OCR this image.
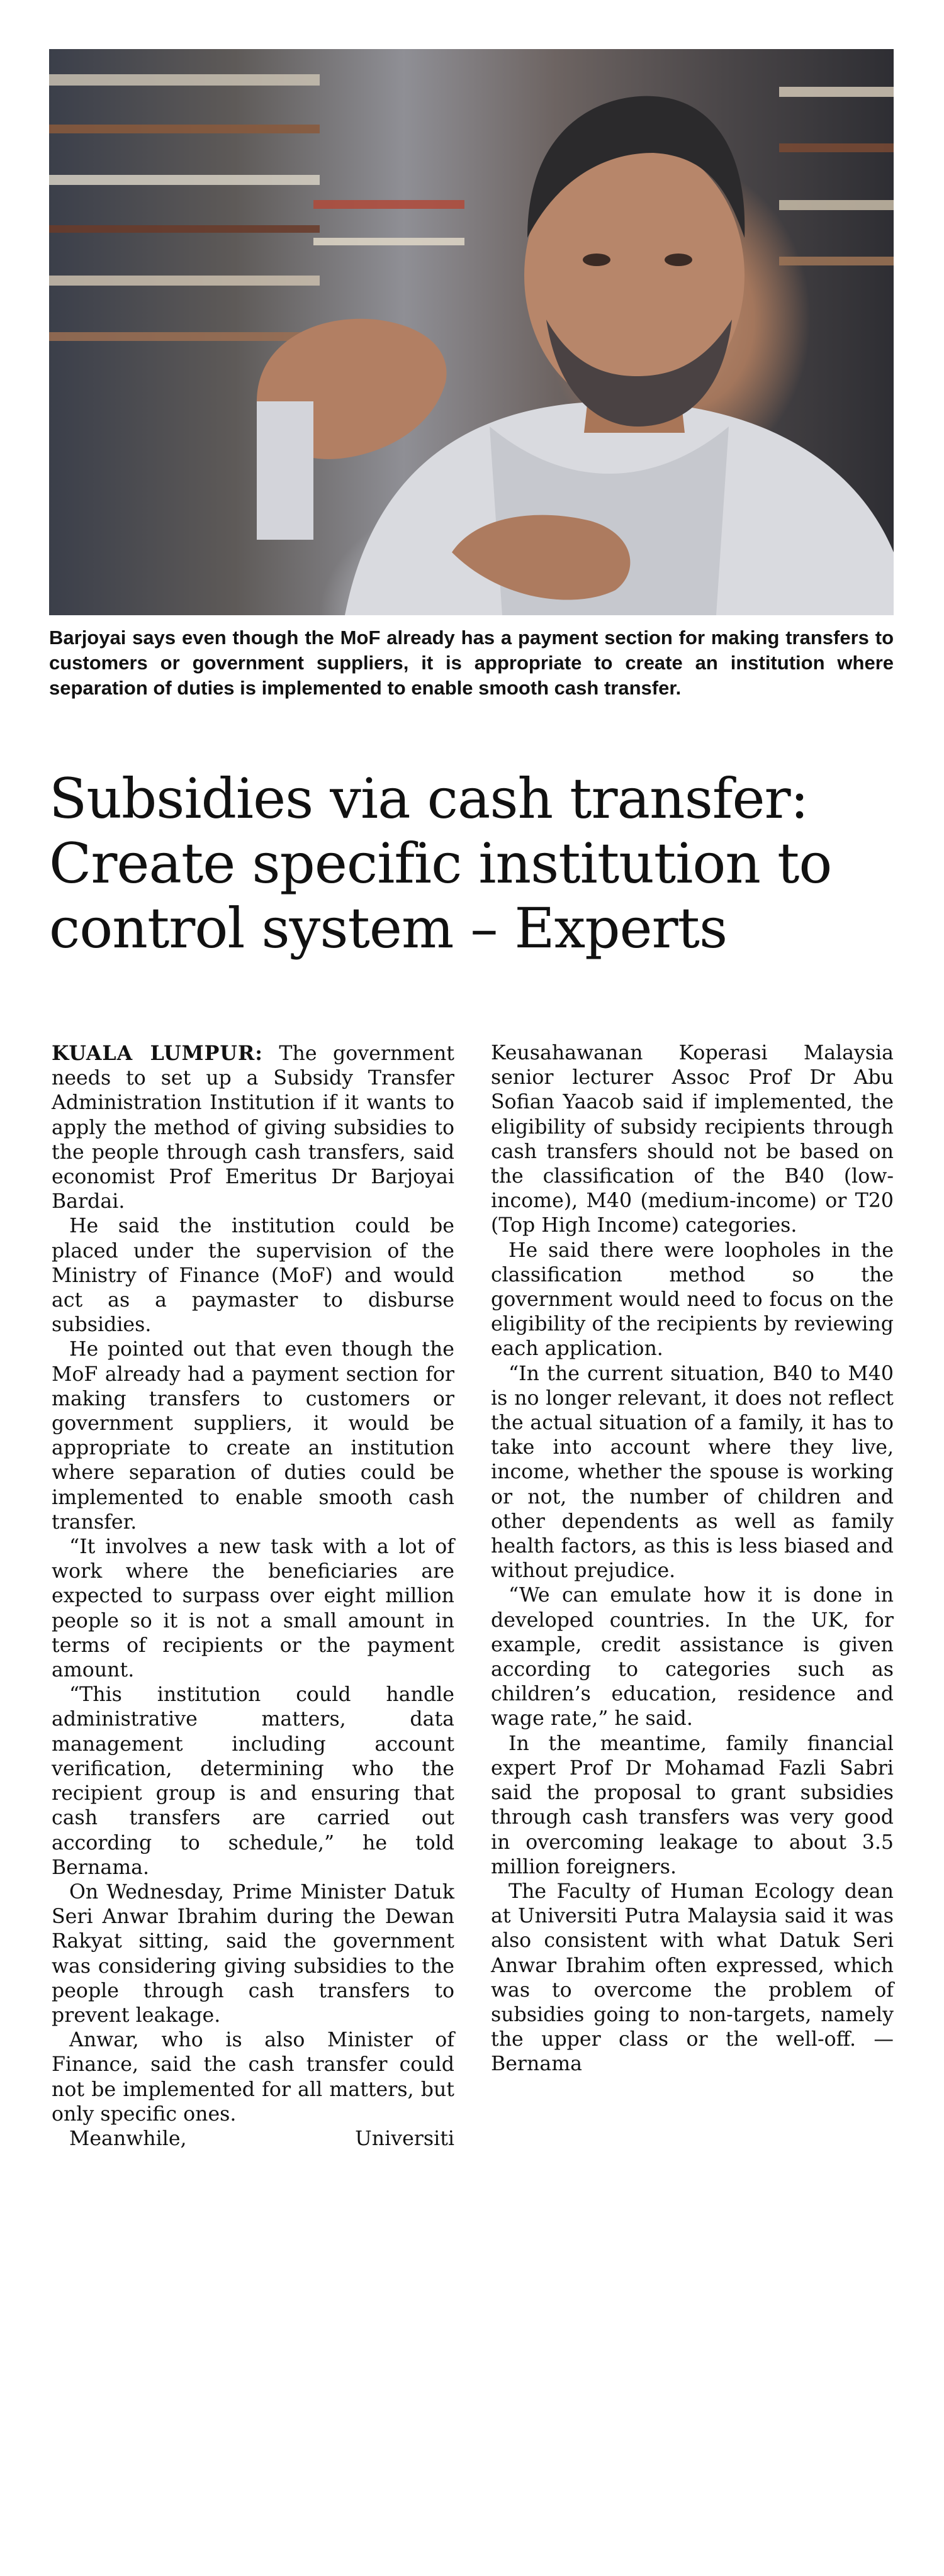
Barjoyai says even though the MoF already has a payment section for making transfers to customers or government suppliers, it is appropriate to create an institution where separation of duties is implemented to enable smooth cash transfer.
Subsidies via cash transfer: Create specific institution to control system – Experts

KUALA LUMPUR: The government needs to set up a Subsidy Transfer Administration Institution if it wants to apply the method of giving subsidies to the people through cash transfers, said economist Prof Emeritus Dr Barjoyai Bardai.

He said the institution could be placed under the supervision of the Ministry of Finance (MoF) and would act as a paymaster to disburse subsidies.

He pointed out that even though the MoF already had a payment section for making transfers to customers or government suppliers, it would be appropriate to create an institution where separation of duties could be implemented to enable smooth cash transfer.

“It involves a new task with a lot of work where the beneficiaries are expected to surpass over eight million people so it is not a small amount in terms of recipients or the payment amount.

“This institution could handle administrative matters, data management including account verification, determining who the recipient group is and ensuring that cash transfers are carried out according to schedule,” he told Bernama.

On Wednesday, Prime Minister Datuk Seri Anwar Ibrahim during the Dewan Rakyat sitting, said the government was considering giving subsidies to the people through cash transfers to prevent leakage.

Anwar, who is also Minister of Finance, said the cash transfer could not be implemented for all matters, but only specific ones.

Meanwhile, Universiti

Keusahawanan Koperasi Malaysia senior lecturer Assoc Prof Dr Abu Sofian Yaacob said if implemented, the eligibility of subsidy recipients through cash transfers should not be based on the classification of the B40 (low-income), M40 (medium-income) or T20 (Top High Income) categories.

He said there were loopholes in the classification method so the government would need to focus on the eligibility of the recipients by reviewing each application.

“In the current situation, B40 to M40 is no longer relevant, it does not reflect the actual situation of a family, it has to take into account where they live, income, whether the spouse is working or not, the number of children and other dependents as well as family health factors, as this is less biased and without prejudice.

“We can emulate how it is done in developed countries. In the UK, for example, credit assistance is given according to categories such as children’s education, residence and wage rate,” he said.

In the meantime, family financial expert Prof Dr Mohamad Fazli Sabri said the proposal to grant subsidies through cash transfers was very good in overcoming leakage to about 3.5 million foreigners.

The Faculty of Human Ecology dean at Universiti Putra Malaysia said it was also consistent with what Datuk Seri Anwar Ibrahim often expressed, which was to overcome the problem of subsidies going to non-targets, namely the upper class or the well-off. — Bernama
